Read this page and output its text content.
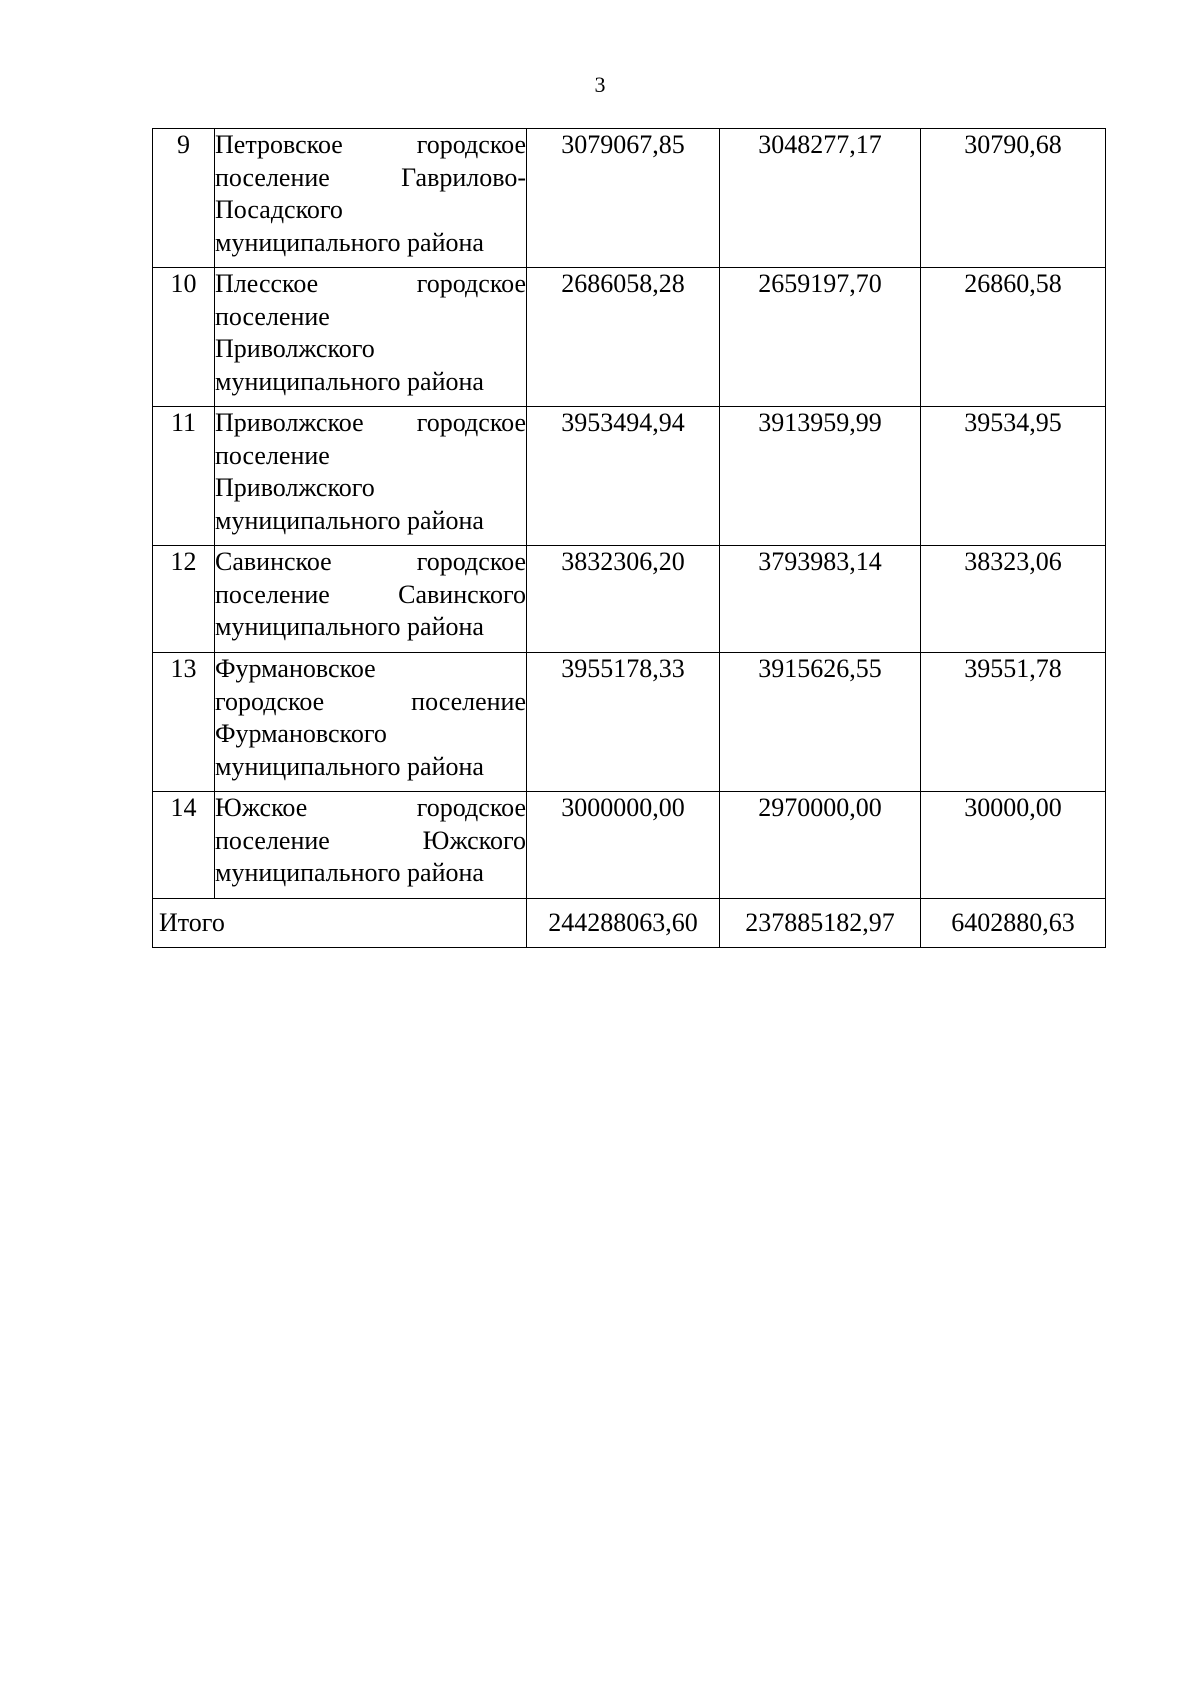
3
9	Петровское городское
поселение Гаврилово-
Посадского
муниципального района	3079067,85	3048277,17	30790,68
10	Плесское городское
поселение
Приволжского
муниципального района	2686058,28	2659197,70	26860,58
11	Приволжское городское
поселение
Приволжского
муниципального района	3953494,94	3913959,99	39534,95
12	Савинское городское
поселение Савинского
муниципального района	3832306,20	3793983,14	38323,06
13	Фурмановское
городское поселение
Фурмановского
муниципального района	3955178,33	3915626,55	39551,78
14	Южское городское
поселение Южского
муниципального района	3000000,00	2970000,00	30000,00
Итого		244288063,60	237885182,97	6402880,63
